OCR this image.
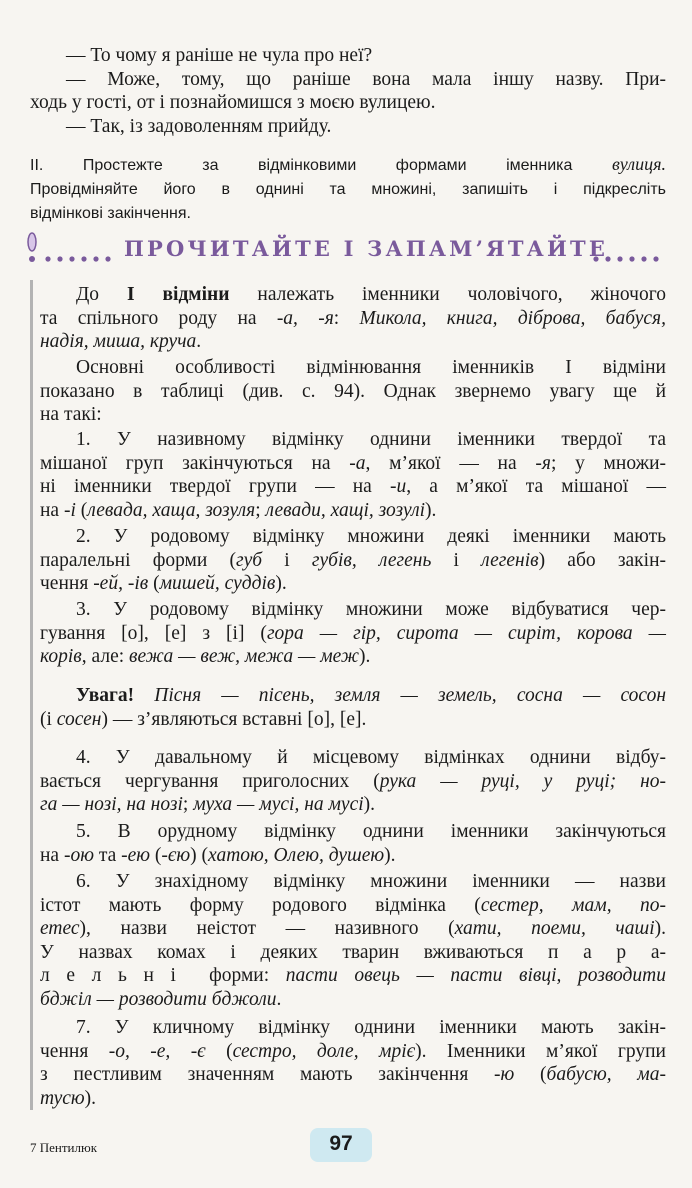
— То чому я раніше не чула про неї?
— Може, тому, що раніше вона мала іншу назву. При-
ходь у гості, от і познайомишся з моєю вулицею.
— Так, із задоволенням прийду.

II. Простежте за відмінковими формами іменника вулиця.
Провідміняйте його в однині та множині, запишіть і підкресліть
відмінкові закінчення.

ПРОЧИТАЙТЕ І ЗАПАМ’ЯТАЙТЕ

До І відміни належать іменники чоловічого, жіночого
та спільного роду на -а, -я: Микола, книга, діброва, бабуся,
надія, миша, круча.

Основні особливості відмінювання іменників І відміни
показано в таблиці (див. с. 94). Однак звернемо увагу ще й
на такі:

1. У називному відмінку однини іменники твердої та
мішаної груп закінчуються на -а, м’якої — на -я; у множи-
ні іменники твердої групи — на -и, а м’якої та мішаної —
на -і (левада, хаща, зозуля; левади, хащі, зозулі).

2. У родовому відмінку множини деякі іменники мають
паралельні форми (губ і губів, легень і легенів) або закін-
чення -ей, -ів (мишей, суддів).

3. У родовому відмінку множини може відбуватися чер-
гування [о], [е] з [і] (гора — гір, сирота — сиріт, корова —
корів, але: вежа — веж, межа — меж).

Увага! Пісня — пісень, земля — земель, сосна — сосон
(і сосен) — з’являються вставні [о], [е].

4. У давальному й місцевому відмінках однини відбу-
вається чергування приголосних (рука — руці, у руці; но-
га — нозі, на нозі; муха — мусі, на мусі).

5. В орудному відмінку однини іменники закінчуються
на -ою та -ею (-єю) (хатою, Олею, душею).

6. У знахідному відмінку множини іменники — назви
істот мають форму родового відмінка (сестер, мам, по-
етес), назви неістот — називного (хати, поеми, чаші).
У назвах комах і деяких тварин вживаються п а р а-
л е л ь н і  форми: пасти овець — пасти вівці, розводити
бджіл — розводити бджоли.

7. У кличному відмінку однини іменники мають закін-
чення -о, -е, -є (сестро, доле, мріє). Іменники м’якої групи
з пестливим значенням мають закінчення -ю (бабусю, ма-
тусю).

7 Пентилюк	97
